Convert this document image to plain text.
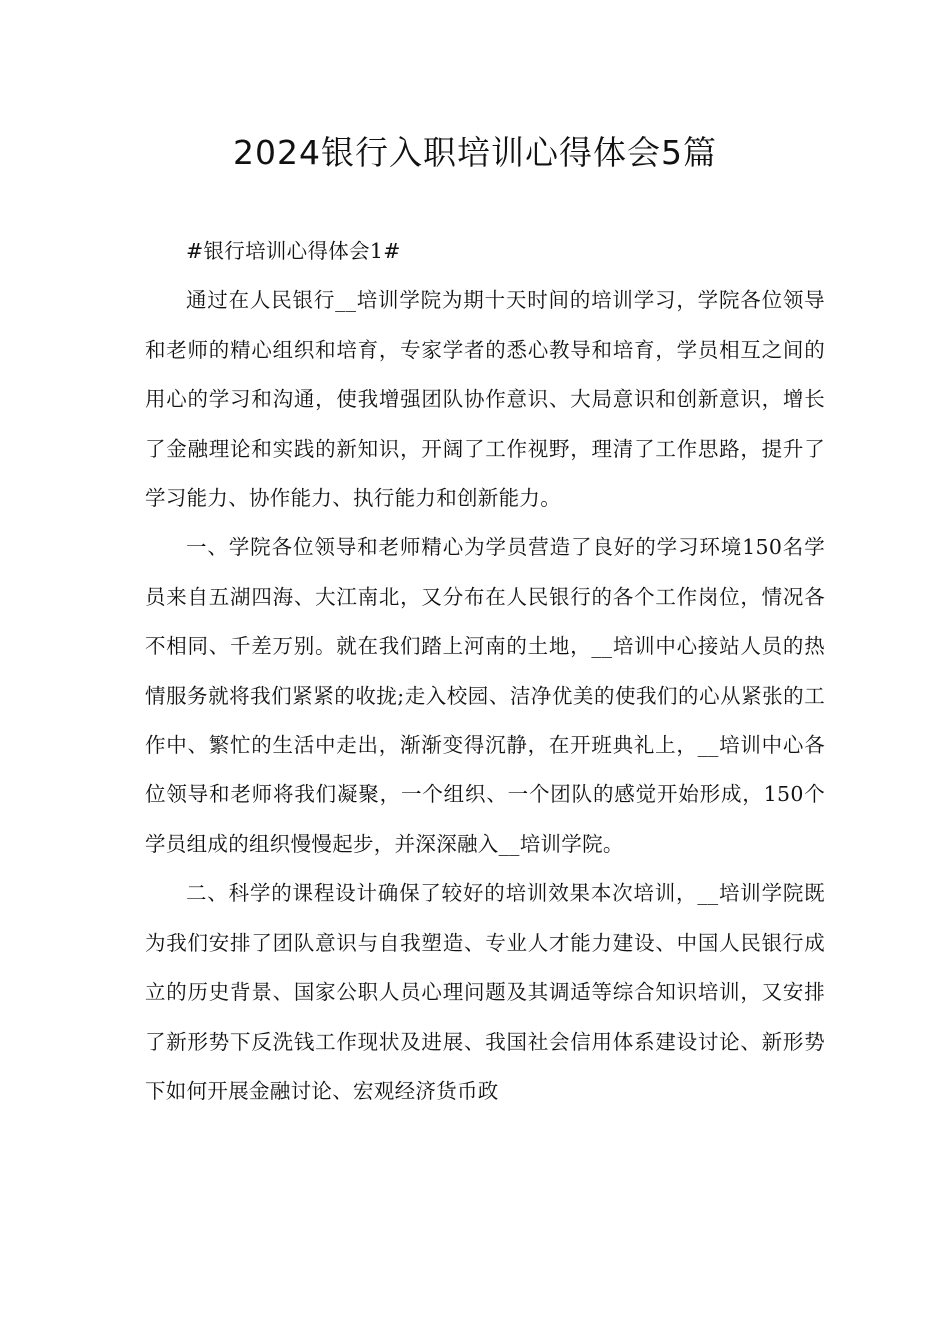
2024银行入职培训心得体会5篇

#银行培训心得体会1#

通过在人民银行__培训学院为期十天时间的培训学习，学院各位领导和老师的精心组织和培育，专家学者的悉心教导和培育，学员相互之间的用心的学习和沟通，使我增强团队协作意识、大局意识和创新意识，增长了金融理论和实践的新知识，开阔了工作视野，理清了工作思路，提升了学习能力、协作能力、执行能力和创新能力。

一、学院各位领导和老师精心为学员营造了良好的学习环境150名学员来自五湖四海、大江南北，又分布在人民银行的各个工作岗位，情况各不相同、千差万别。就在我们踏上河南的土地，__培训中心接站人员的热情服务就将我们紧紧的收拢;走入校园、洁净优美的使我们的心从紧张的工作中、繁忙的生活中走出，渐渐变得沉静，在开班典礼上，__培训中心各位领导和老师将我们凝聚，一个组织、一个团队的感觉开始形成，150个学员组成的组织慢慢起步，并深深融入__培训学院。

二、科学的课程设计确保了较好的培训效果本次培训，__培训学院既为我们安排了团队意识与自我塑造、专业人才能力建设、中国人民银行成立的历史背景、国家公职人员心理问题及其调适等综合知识培训，又安排了新形势下反洗钱工作现状及进展、我国社会信用体系建设讨论、新形势下如何开展金融讨论、宏观经济货币政
